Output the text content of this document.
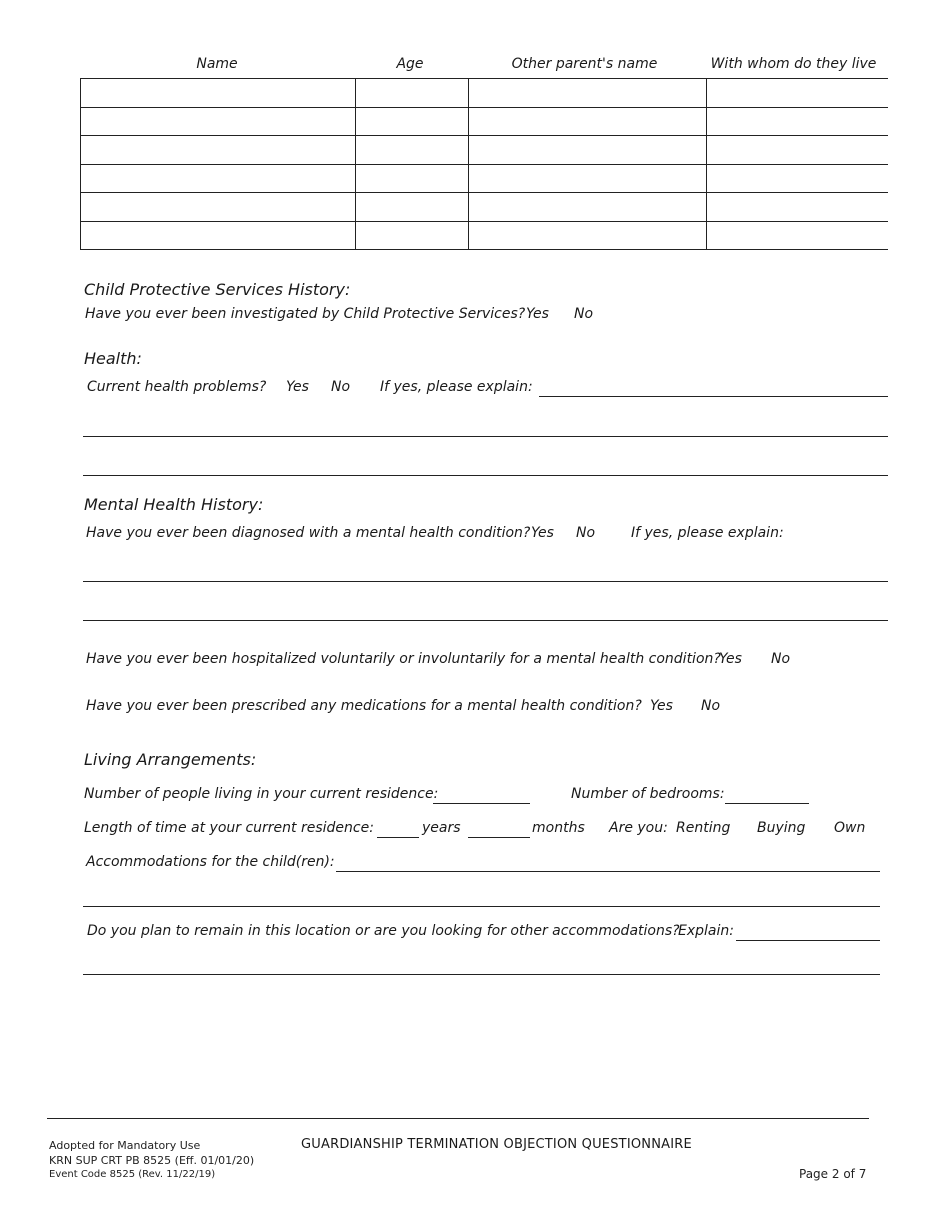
Name	Age	Other parent's name	With whom do they live

Child Protective Services History:
Have you ever been investigated by Child Protective Services? Yes No
Health:
Current health problems? Yes No If yes, please explain:
Mental Health History:
Have you ever been diagnosed with a mental health condition? Yes No	If yes, please explain:
Have you ever been hospitalized voluntarily or involuntarily for a mental health condition?
Yes No
Have you ever been prescribed any medications for a mental health condition? Yes No
Living Arrangements:
Number of people living in your current residence:	Number of bedrooms:
Length of time at your current residence:	years	months Are you: Renting Buying Own
Accommodations for the child(ren):
Do you plan to remain in this location or are you looking for other accommodations?
Explain:
Adopted for Mandatory Use
KRN SUP CRT PB 8525 (Eff. 01/01/20)
Event Code 8525 (Rev. 11/22/19)
GUARDIANSHIP TERMINATION OBJECTION QUESTIONNAIRE
Page 2 of 7
